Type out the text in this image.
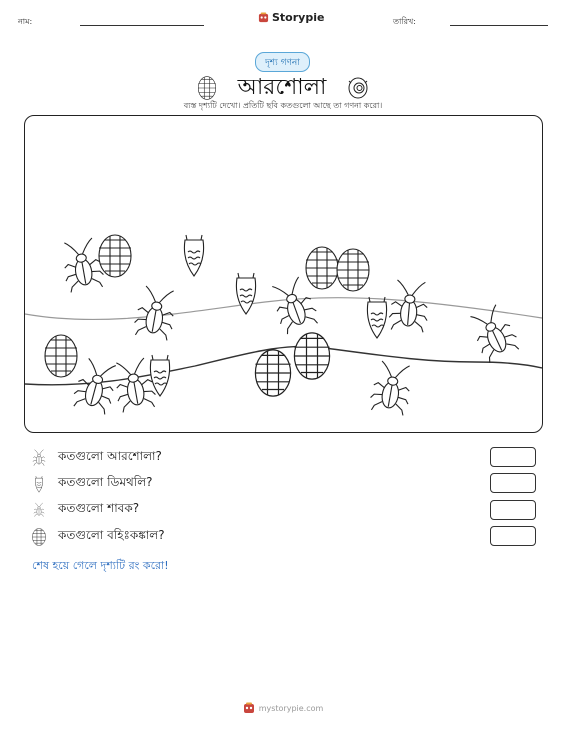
নাম:	Storypie	তারিখ:
দৃশ্য গণনা
আরশোলা
ব্যস্ত দৃশ্যটি দেখো। প্রতিটি ছবি কতগুলো আছে তা গণনা করো।
কতগুলো আরশোলা?
কতগুলো ডিমথলি?
কতগুলো শাবক?
কতগুলো বহিঃকঙ্কাল?
শেষ হয়ে গেলে দৃশ্যটি রং করো!
mystorypie.com
